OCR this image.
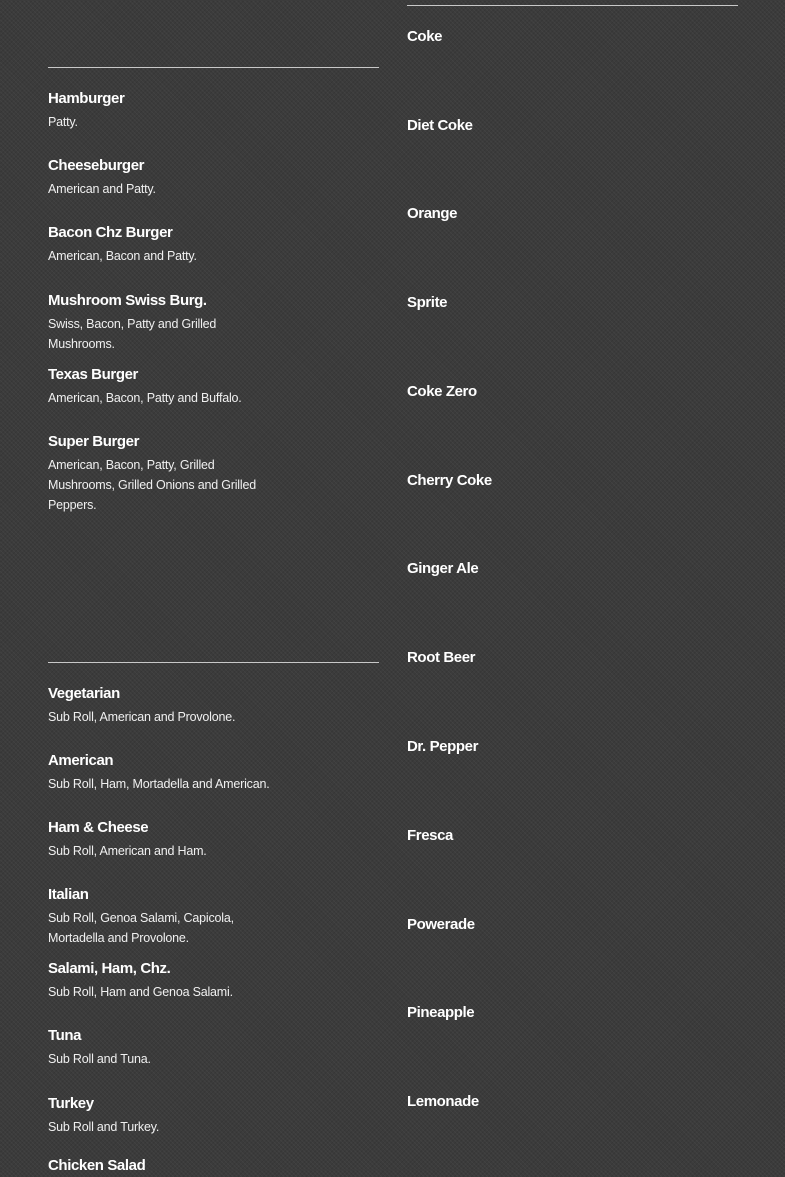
Hamburger
Patty.
Cheeseburger
American and Patty.
Bacon Chz Burger
American, Bacon and Patty.
Mushroom Swiss Burg.
Swiss, Bacon, Patty and Grilled Mushrooms.
Texas Burger
American, Bacon, Patty and Buffalo.
Super Burger
American, Bacon, Patty, Grilled Mushrooms, Grilled Onions and Grilled Peppers.
Vegetarian
Sub Roll, American and Provolone.
American
Sub Roll, Ham, Mortadella and American.
Ham & Cheese
Sub Roll, American and Ham.
Italian
Sub Roll, Genoa Salami, Capicola, Mortadella and Provolone.
Salami, Ham, Chz.
Sub Roll, Ham and Genoa Salami.
Tuna
Sub Roll and Tuna.
Turkey
Sub Roll and Turkey.
Chicken Salad
Coke
Diet Coke
Orange
Sprite
Coke Zero
Cherry Coke
Ginger Ale
Root Beer
Dr. Pepper
Fresca
Powerade
Pineapple
Lemonade
